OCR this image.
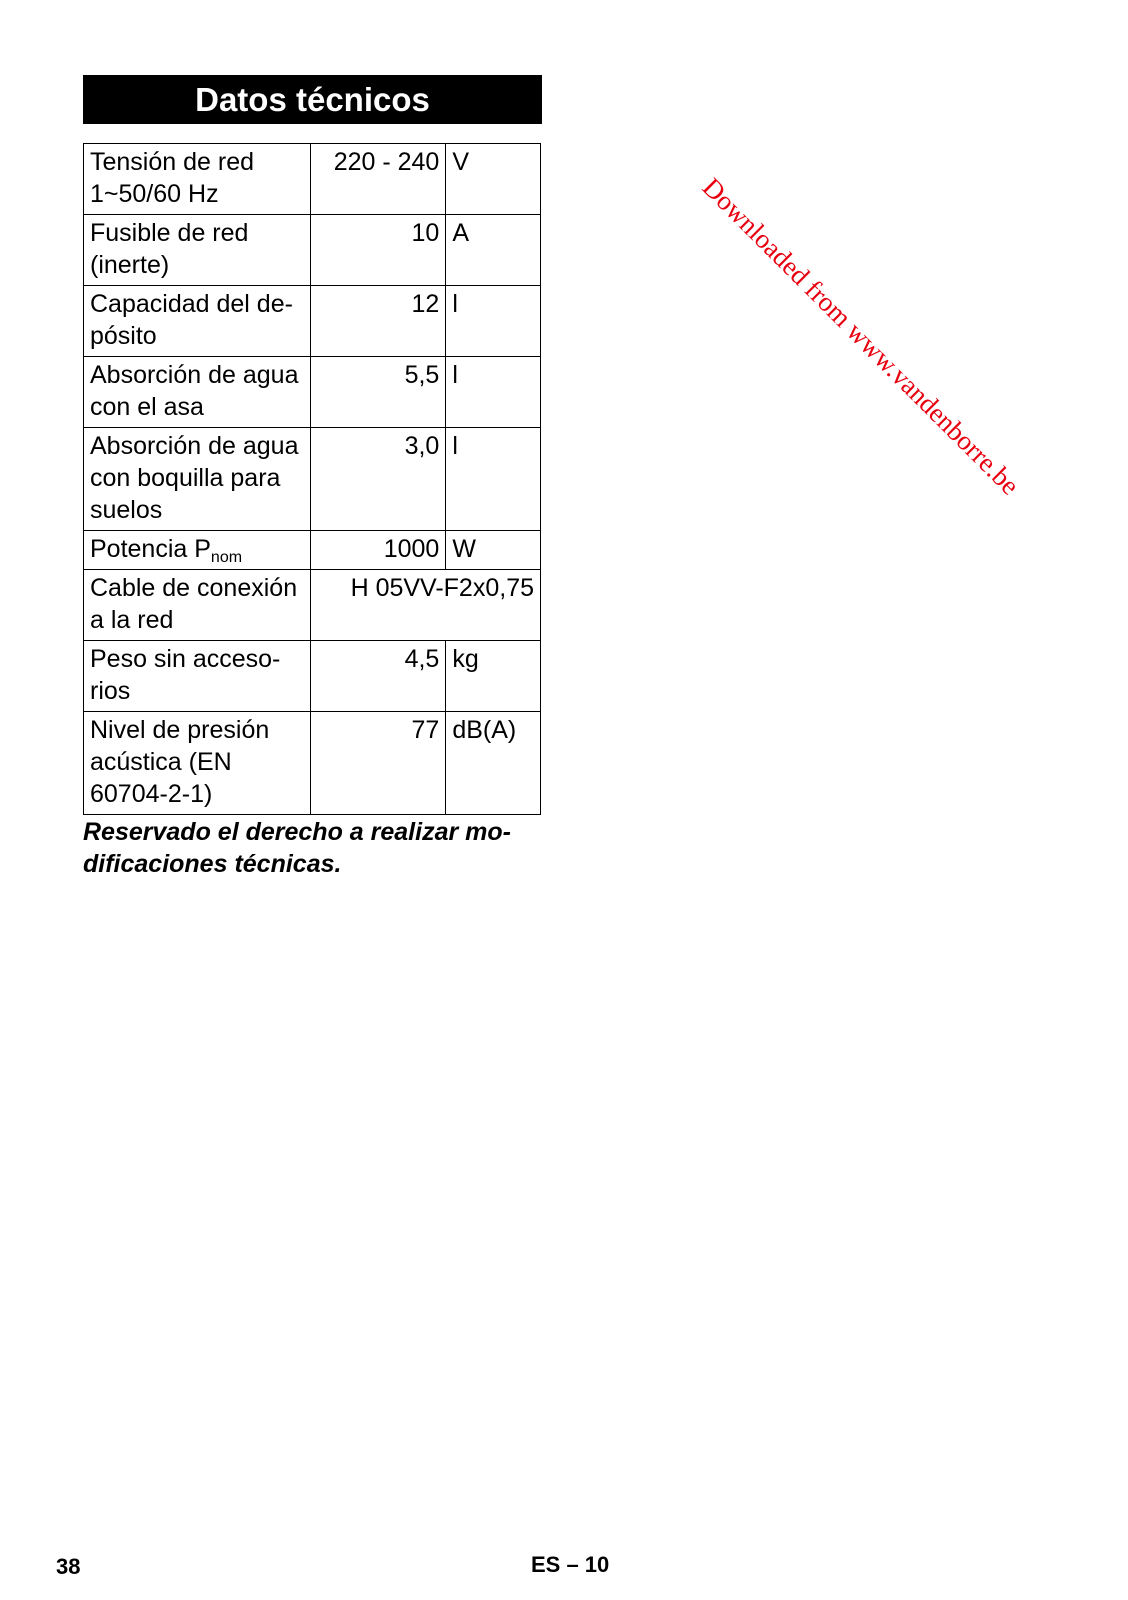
Datos técnicos
Tensión de red 1~50/60 Hz	220 - 240	V
Fusible de red (inerte)	10	A
Capacidad del de-pósito	12	l
Absorción de agua con el asa	5,5	l
Absorción de agua con boquilla para suelos	3,0	l
Potencia $P_{nom}$	1000	W
Cable de conexión a la red	H 05VV-F2x0,75	
Peso sin acceso-rios	4,5	kg
Nivel de presión acústica (EN 60704-2-1)	77	dB(A)
Reservado el derecho a realizar mo-dificaciones técnicas.
Downloaded from www.vandenborre.be
38	ES – 10
